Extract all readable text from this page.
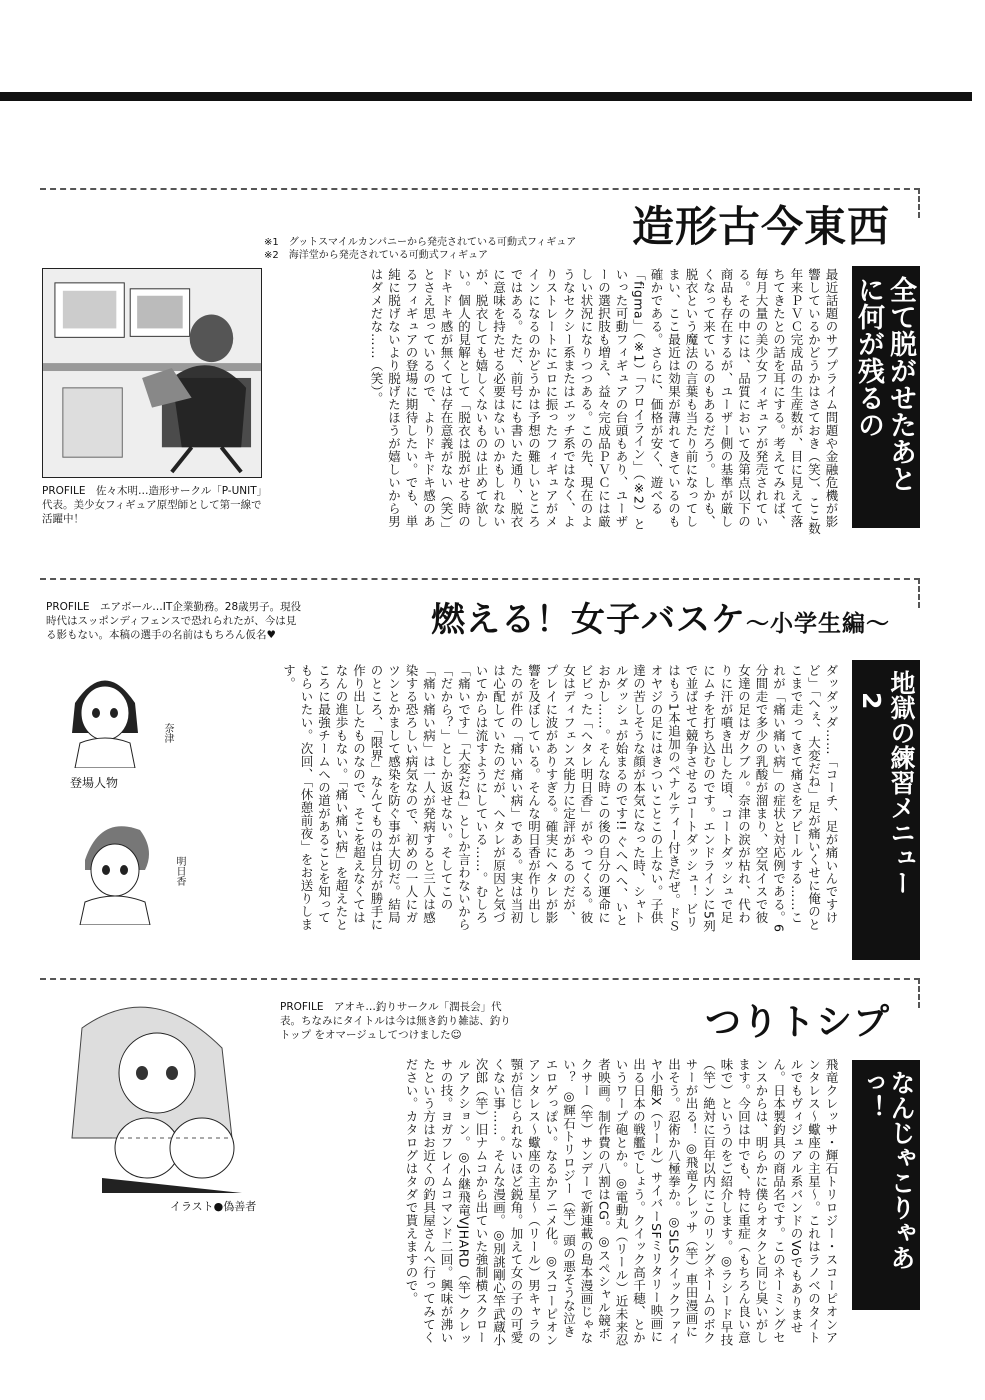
造形古今東西
※1　グットスマイルカンパニーから発売されている可動式フィギュア
※2　海洋堂から発売されている可動式フィギュア
全て脱がせたあとに何が残るの
最近話題のサブプライム問題や金融危機が影響しているかどうかはさておき（笑）、ここ数年来ＰＶＣ完成品の生産数が、目に見えて落ちてきたとの話を耳にする。考えてみれば、毎月大量の美少女フィギュアが発売されている。その中には、品質において及第点以下の商品も存在するが、ユーザー側の基準が厳しくなって来ているのもあるだろう。しかも、脱衣という魔法の言葉も当たり前になってしまい、ここ最近は効果が薄れてきているのも確かである。さらに、価格が安く、遊べる「figma」（※1）「フロイライン」（※2）といった可動フィギュアの台頭もあり、ユーザーの選択肢も増え、益々完成品ＰＶＣには厳しい状況になりつつある。この先、現在のようなセクシー系またはエッチ系ではなく、よりストレートにエロに振ったフィギュアがメインになるのかどうかは予想の難しいところではある。ただ、前号にも書いた通り、脱衣に意味を持たせる必要はないのかもしれないが、脱衣しても嬉しくないものは止めて欲しい。個人的見解として「脱衣は脱がせる時のドキドキ感が無くては存在意義がない（笑）」とさえ思っているので、よりドキドキ感のあるフィギュアの登場に期待したい。でも、単純に脱げないより脱げたほうが嬉しいから男はダメだな……（笑）。
PROFILE　佐々木明…造形サークル「P-UNIT」代表。美少女フィギュア原型師として第一線で活躍中！
燃える！女子バスケ〜小学生編〜
PROFILE　エアボール…IT企業勤務。28歳男子。現役時代はスッポンディフェンスで恐れられたが、今は見る影もない。本稿の選手の名前はもちろん仮名♥
地獄の練習メニュー
2
ダッダッダ……「コーチ、足が痛いんですけど」「へぇ、大変だね」足が痛いくせに俺のとこまで走ってきて痛さをアピールする……これが「痛い痛い病」の症状と対応例である。6分間走で多少の乳酸が溜まり、空気イスで彼女達の足はガクブル。奈津の涙が枯れ、代わりに汗が噴き出した頃、コートダッシュで足にムチを打ち込むのです。エンドラインに5列で並ばせて競争させるコートダッシュ！ ビリはもう1本追加のペナルティー付きだぜ。ドＳオヤジの足にはきついことこの上ない。子供達の苦しそうな顔が本気になった時、シャトルダッシュが始まるのです!! ぐへへへ、いとおかし……。そんな時この後の自分の運命にビビった「ヘタレ明日香」がやってくる。彼女はディフェンス能力に定評があるのだが、プレイに波がありすぎる。確実にヘタレが影響を及ぼしている。そんな明日香が作り出したのが件の「痛い痛い病」である。実は当初は心配していたのだが、ヘタレが原因と気づいてからは流すようにしている……。むしろ「痛いです」「大変だね」としか言わないから「だから？」としか返せない。そしてこの「痛い痛い病」は一人が発病すると三人は感染する恐ろしい病気なので、初めの一人にガツンとかまして感染を防ぐ事が大切だ。結局のところ、「限界」なんてものは自分が勝手に作り出したものなので、そこを超えなくてはなんの進歩もない。「痛い痛い病」を超えたところに最強チームへの道があることを知ってもらいたい。次回、「休憩前夜」をお送りします。
奈津
登場人物
明日香
つりトシプ
PROFILE　アオキ…釣りサークル「潤長会」代表。ちなみにタイトルは今は無き釣り雑誌、釣りトップ をオマージュしてつけました☺
なんじゃこりゃあっ！
飛竜クレッサ・輝石トリロジー・スコーピオンアンタレス〜蠍座の主星〜。これはラノベのタイトルでもヴィジュアル系バンドのVoでもありません。日本製釣具の商品名です。このネーミングセンスからは、明らかに僕らオタクと同じ臭いがします。今回は中でも、特に重症（もちろん良い意味で）というのをご紹介します。◎ラシード早技（竿）絶対に百年以内にこのリングネームのボクサーが出る！ ◎飛竜クレッサ（竿）車田漫画に出そう。忍術か八極拳か。◎SLSクイックファイヤ小船X（リール）サイバーSFミリタリー映画に出る日本の戦艦でしょう。クイック高千穂、とかいうワープ砲とか。◎電動丸（リール）近未来忍者映画。制作費の八割はCG。◎スペシャル競ボクサー（竿）サンデーで新連載の島本漫画じゃない？ ◎輝石トリロジー（竿）頭の悪そうな泣きエロゲっぽい。なるかアニメ化。◎スコーピオンアンタレス〜蠍座の主星〜（リール）男キャラの顎が信じられないほど鋭角。加えて女の子の可愛くない事……。そんな漫画。◎別誂剛心竿武蔵小次郎（竿）旧ナムコから出ていた強制横スクロールアクション。◎小継飛竜VJHARD（竿）クレッサの技。ヨガフレイムコマンド二回。興味が沸いたという方はお近くの釣具屋さんへ行ってみてください。カタログはタダで貰えますので。
イラスト●偽善者
